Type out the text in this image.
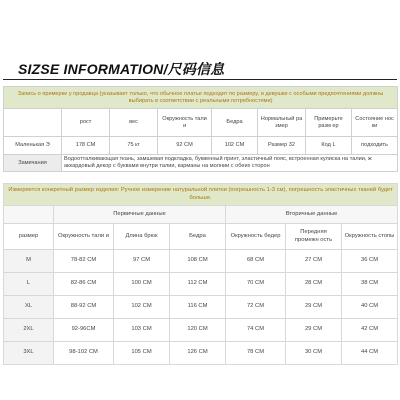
SIZSE INFORMATION/尺码信息
Запись о примерке у продавца (указывает только, что обычное платье подходит по размеру, и девушки с особыми предпочтениями должны выбирать в соответствии с реальными потребностями)							
	рост	вес	Окружность тали и	Бедра	Нормальный ра змер	Примерьте разм ер	Состояние нос ки
Маленькая Э	178 CM	75 кг	92 CM	102 CM	Размер 32	Код L	подходить
Замечания	Водоотталкивающая ткань, замшевая подкладка, буквенный принт, эластичный пояс, встроенная кулиска на талии, ж
аккардовый декор с буквами внутри талии, карманы на молнии с обеих сторон						
Измеряется конкретный размер изделия: Ручное измерение натуральной плитки (погрешность 1-3 см), погрешность эластичных тканей будет больше.						
	Первичные данные			Вторичные данные		
размер	Окружность тали и	Длина брюк	Бедра	Окружность бедер	Передняя промежн ость	Окружность стопы
M	78-82 CM	97 CM	108 CM	68 CM	27 CM	36 CM
L	82-86 CM	100 CM	112 CM	70 CM	28 CM	38 CM
XL	88-92 CM	102 CM	116 CM	72 CM	29 CM	40 CM
2XL	92-96CM	103 CM	120 CM	74 CM	29 CM	42 CM
3XL	98-102 CM	105 CM	126 CM	78 CM	30 CM	44 CM
